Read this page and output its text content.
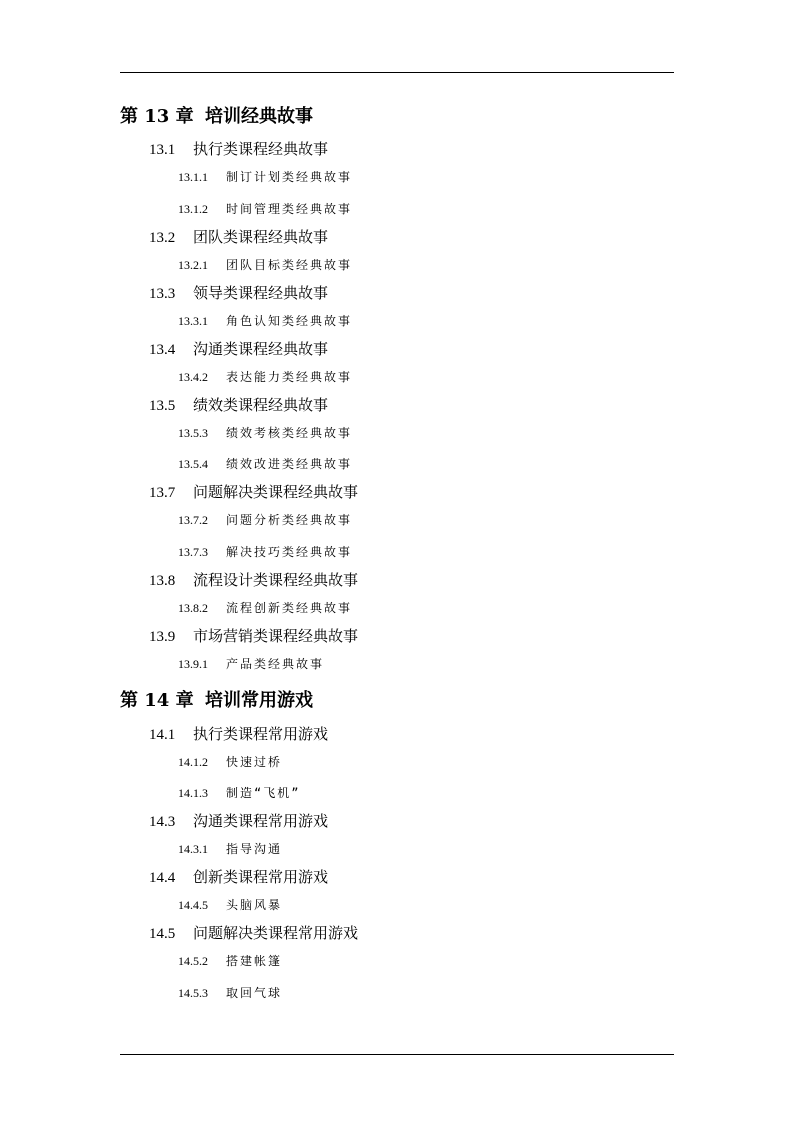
第 13 章 培训经典故事
13.1 执行类课程经典故事
13.1.1 制订计划类经典故事
13.1.2 时间管理类经典故事
13.2 团队类课程经典故事
13.2.1 团队目标类经典故事
13.3 领导类课程经典故事
13.3.1 角色认知类经典故事
13.4 沟通类课程经典故事
13.4.2 表达能力类经典故事
13.5 绩效类课程经典故事
13.5.3 绩效考核类经典故事
13.5.4 绩效改进类经典故事
13.7 问题解决类课程经典故事
13.7.2 问题分析类经典故事
13.7.3 解决技巧类经典故事
13.8 流程设计类课程经典故事
13.8.2 流程创新类经典故事
13.9 市场营销类课程经典故事
13.9.1 产品类经典故事
第 14 章 培训常用游戏
14.1 执行类课程常用游戏
14.1.2 快速过桥
14.1.3 制造“飞机”
14.3 沟通类课程常用游戏
14.3.1 指导沟通
14.4 创新类课程常用游戏
14.4.5 头脑风暴
14.5 问题解决类课程常用游戏
14.5.2 搭建帐篷
14.5.3 取回气球
